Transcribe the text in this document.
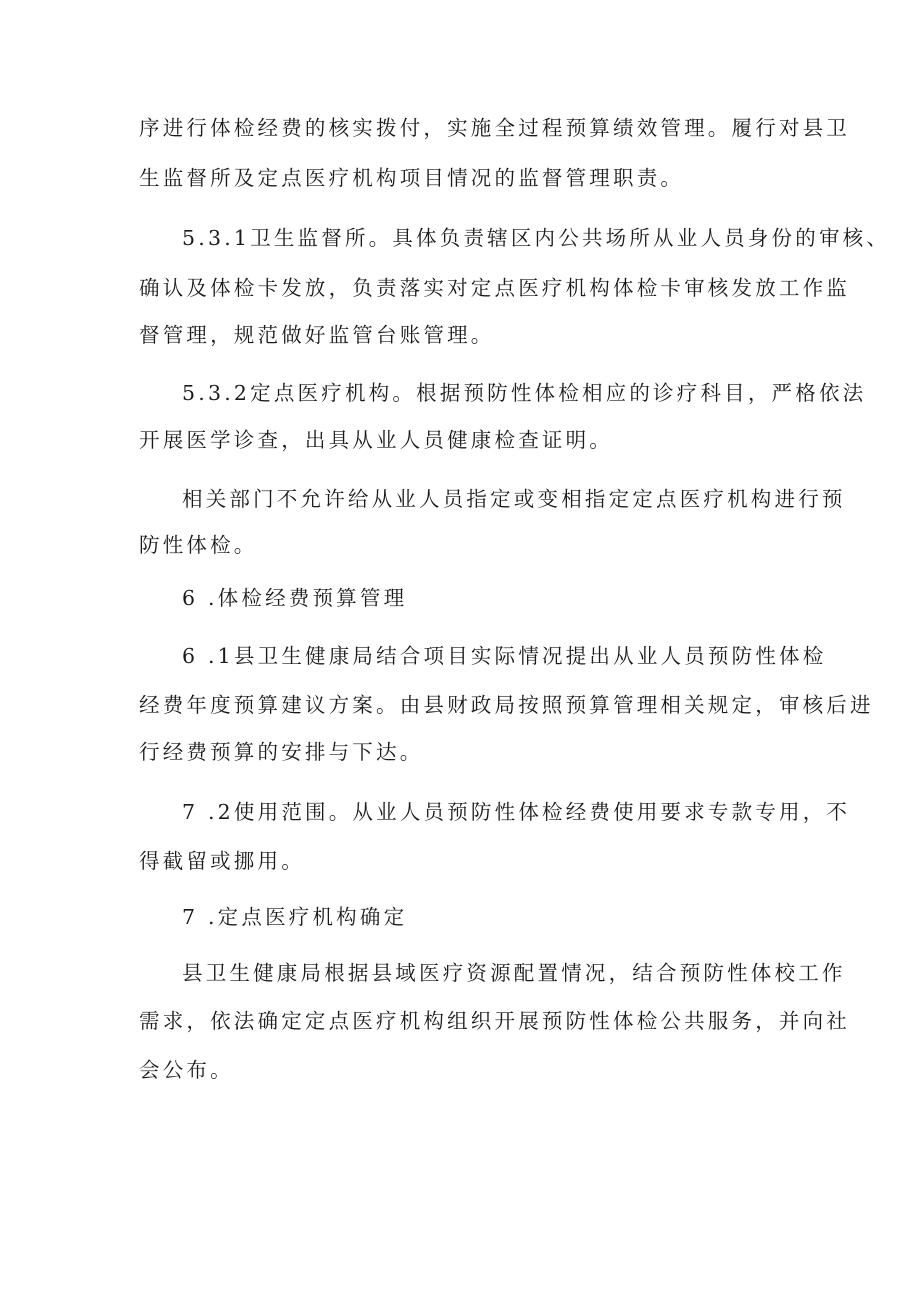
序进行体检经费的核实拨付，实施全过程预算绩效管理。履行对县卫
生监督所及定点医疗机构项目情况的监督管理职责。
5.3.1卫生监督所。具体负责辖区内公共场所从业人员身份的审核、
确认及体检卡发放，负责落实对定点医疗机构体检卡审核发放工作监
督管理，规范做好监管台账管理。
5.3.2定点医疗机构。根据预防性体检相应的诊疗科目，严格依法
开展医学诊查，出具从业人员健康检查证明。
相关部门不允许给从业人员指定或变相指定定点医疗机构进行预
防性体检。
6 .体检经费预算管理
6 .1县卫生健康局结合项目实际情况提出从业人员预防性体检
经费年度预算建议方案。由县财政局按照预算管理相关规定，审核后进
行经费预算的安排与下达。
7 .2使用范围。从业人员预防性体检经费使用要求专款专用，不
得截留或挪用。
7 .定点医疗机构确定
县卫生健康局根据县域医疗资源配置情况，结合预防性体校工作
需求，依法确定定点医疗机构组织开展预防性体检公共服务，并向社
会公布。
